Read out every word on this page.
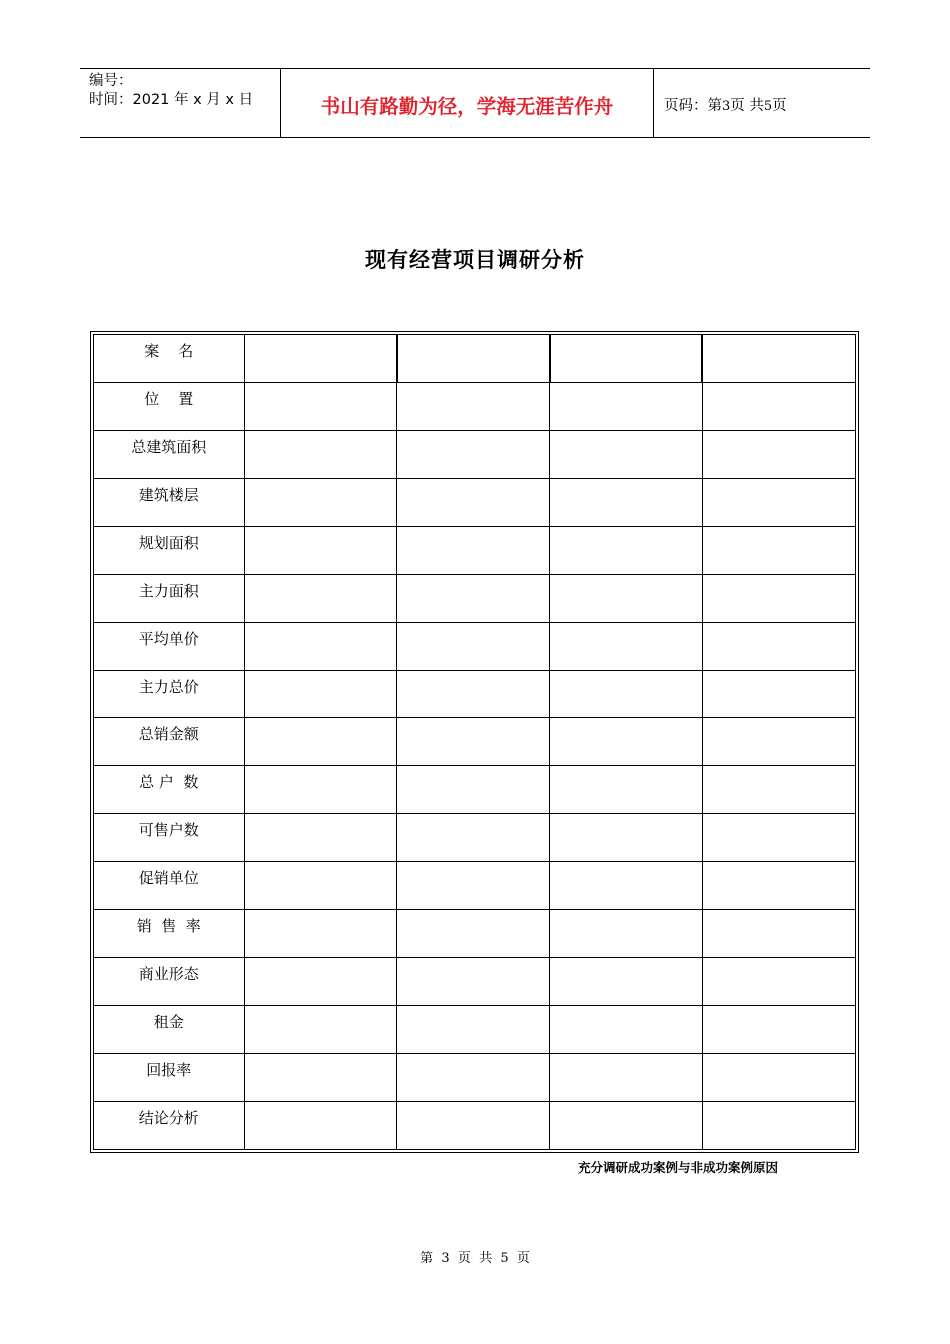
编号：
时间：2021 年 x 月 x 日	书山有路勤为径，学海无涯苦作舟	页码：第3页 共5页
现有经营项目调研分析
案    名				
位    置				
总建筑面积				
建筑楼层				
规划面积				
主力面积				
平均单价				
主力总价				
总销金额				
总 户  数				
可售户数				
促销单位				
销  售  率				
商业形态				
租金				
回报率				
结论分析				
充分调研成功案例与非成功案例原因
第  3  页  共  5  页
